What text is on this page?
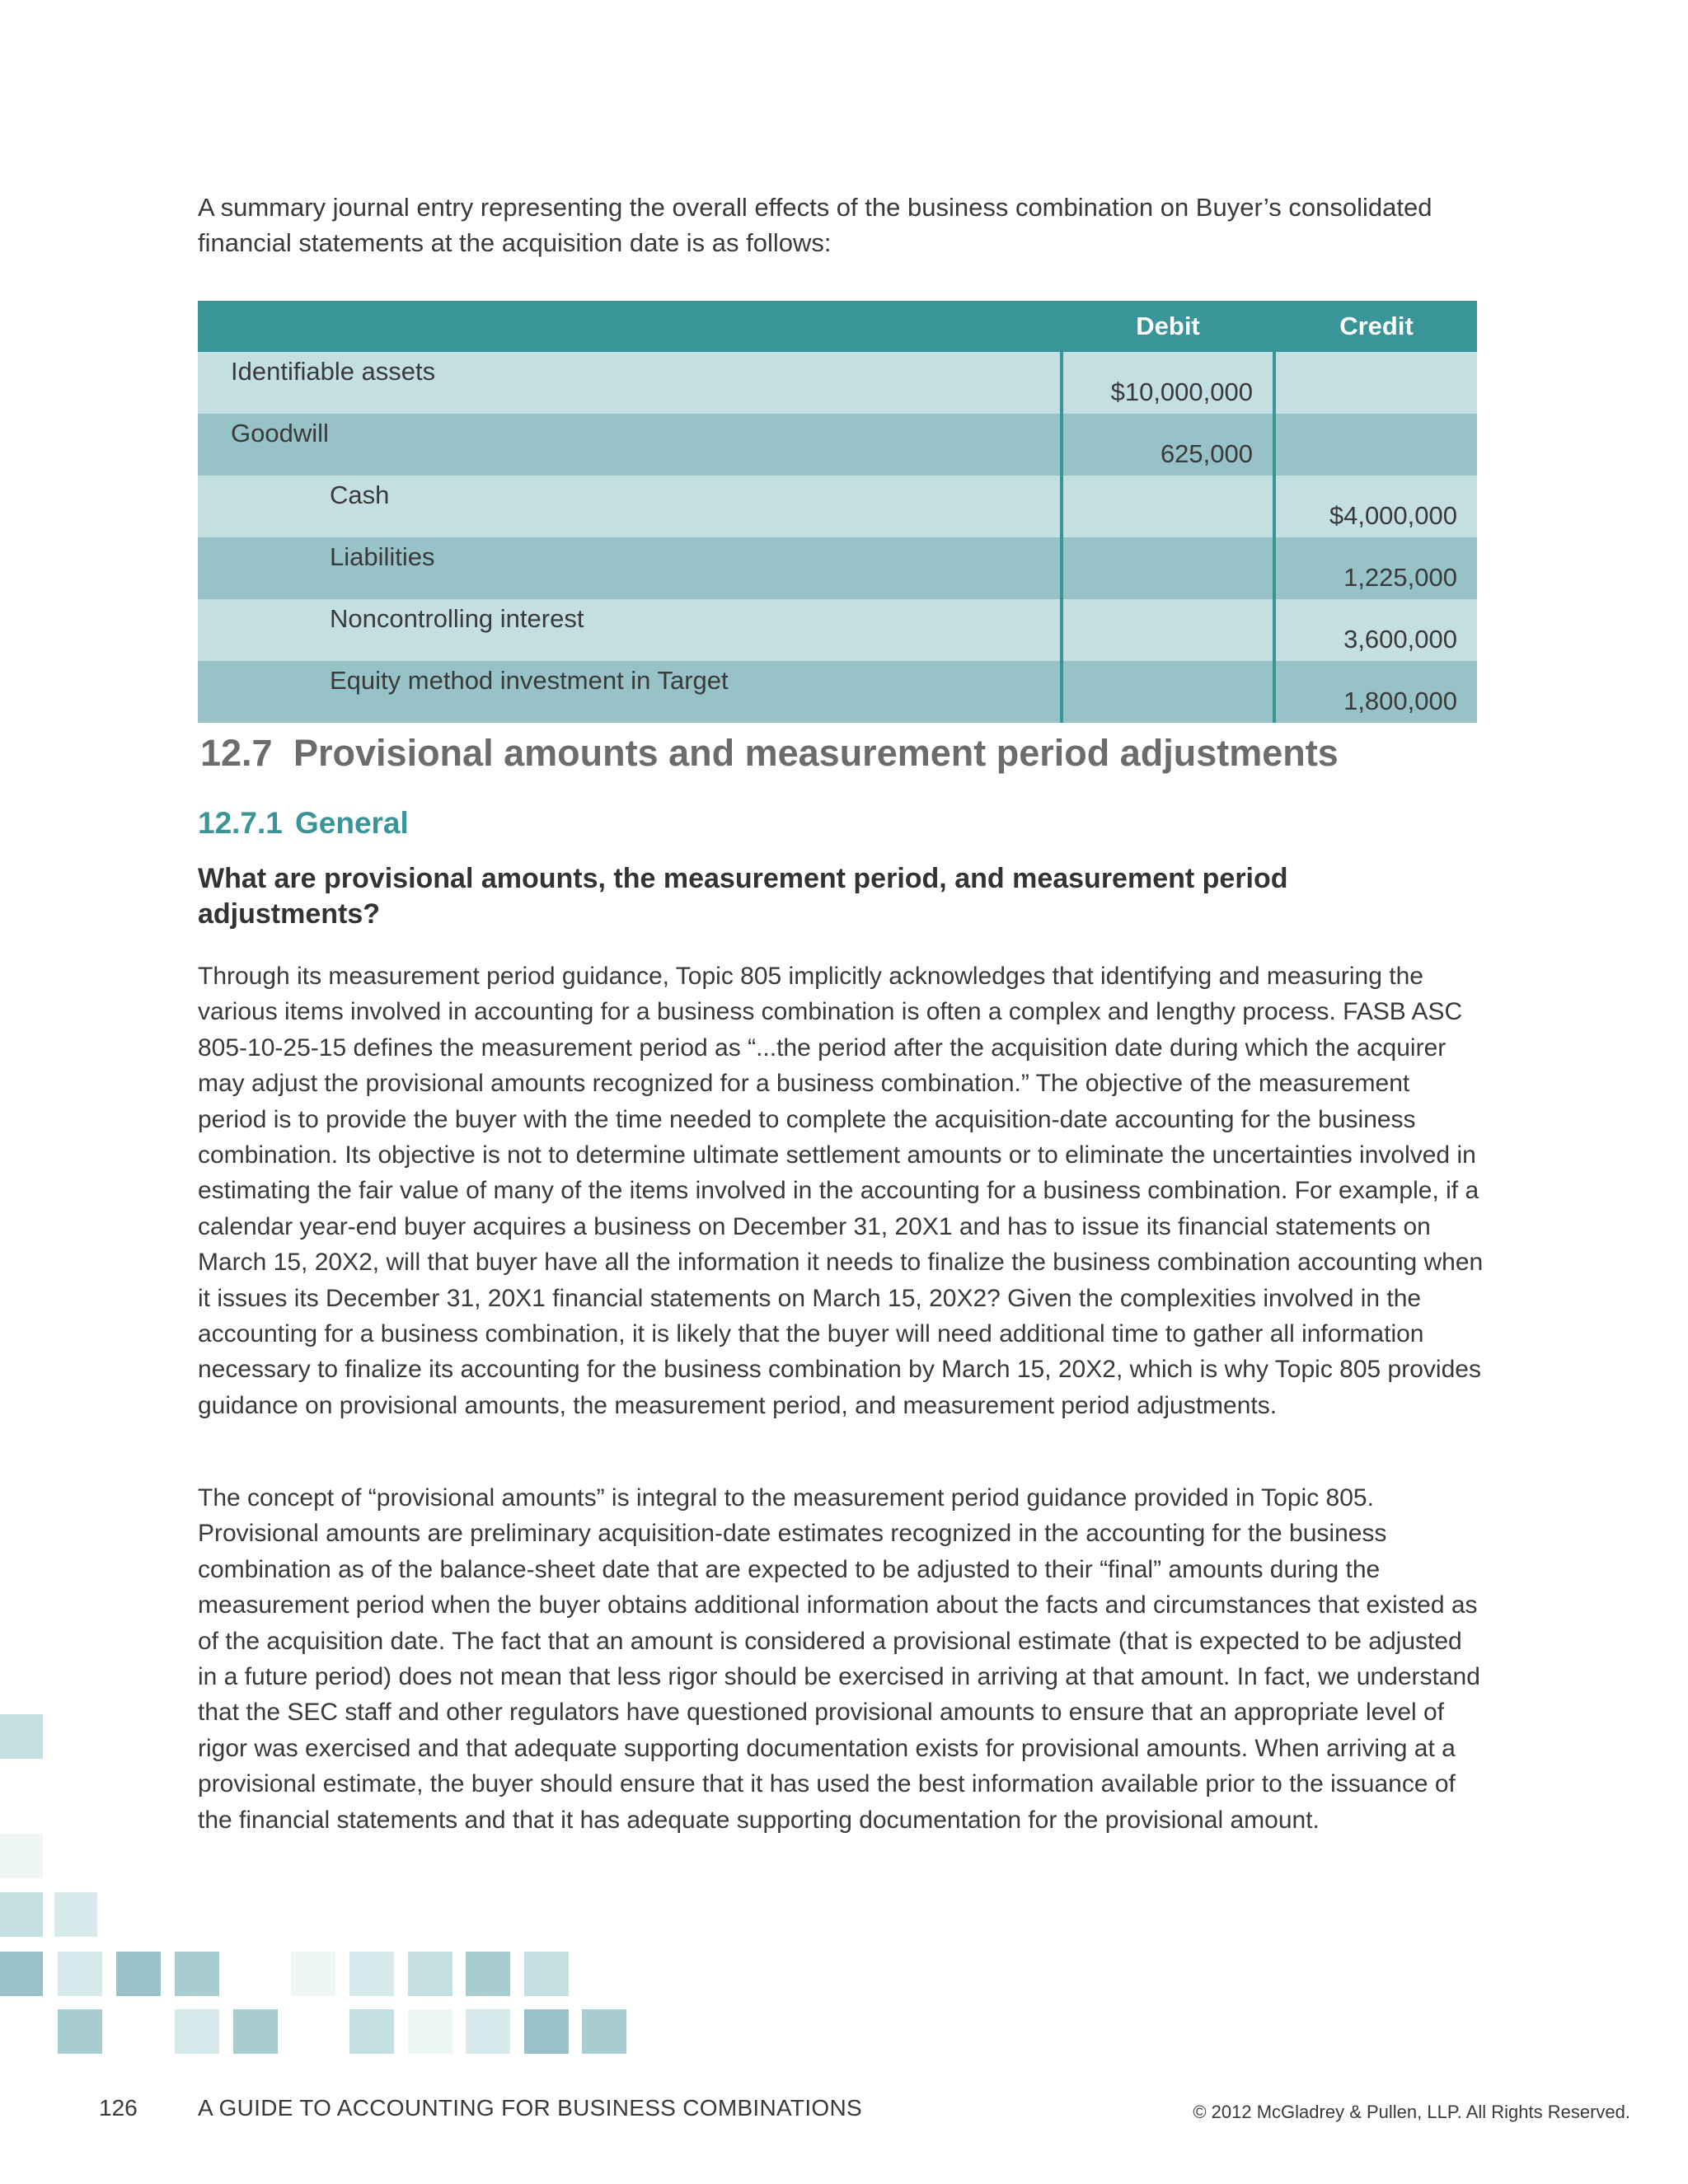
A summary journal entry representing the overall effects of the business combination on Buyer’s consolidated financial statements at the acquisition date is as follows:

	Debit	Credit
Identifiable assets	$10,000,000	
Goodwill	625,000	
Cash		$4,000,000
Liabilities		1,225,000
Noncontrolling interest		3,600,000
Equity method investment in Target		1,800,000
12.7 Provisional amounts and measurement period adjustments
12.7.1 General

What are provisional amounts, the measurement period, and measurement period adjustments?

Through its measurement period guidance, Topic 805 implicitly acknowledges that identifying and measuring the various items involved in accounting for a business combination is often a complex and lengthy process. FASB ASC 805-10-25-15 defines the measurement period as “...the period after the acquisition date during which the acquirer may adjust the provisional amounts recognized for a business combination.” The objective of the measurement period is to provide the buyer with the time needed to complete the acquisition-date accounting for the business combination. Its objective is not to determine ultimate settlement amounts or to eliminate the uncertainties involved in estimating the fair value of many of the items involved in the accounting for a business combination. For example, if a calendar year-end buyer acquires a business on December 31, 20X1 and has to issue its financial statements on March 15, 20X2, will that buyer have all the information it needs to finalize the business combination accounting when it issues its December 31, 20X1 financial statements on March 15, 20X2? Given the complexities involved in the accounting for a business combination, it is likely that the buyer will need additional time to gather all information necessary to finalize its accounting for the business combination by March 15, 20X2, which is why Topic 805 provides guidance on provisional amounts, the measurement period, and measurement period adjustments.

The concept of “provisional amounts” is integral to the measurement period guidance provided in Topic 805. Provisional amounts are preliminary acquisition-date estimates recognized in the accounting for the business combination as of the balance-sheet date that are expected to be adjusted to their “final” amounts during the measurement period when the buyer obtains additional information about the facts and circumstances that existed as of the acquisition date. The fact that an amount is considered a provisional estimate (that is expected to be adjusted in a future period) does not mean that less rigor should be exercised in arriving at that amount. In fact, we understand that the SEC staff and other regulators have questioned provisional amounts to ensure that an appropriate level of rigor was exercised and that adequate supporting documentation exists for provisional amounts. When arriving at a provisional estimate, the buyer should ensure that it has used the best information available prior to the issuance of the financial statements and that it has adequate supporting documentation for the provisional amount.

126	A GUIDE TO ACCOUNTING FOR BUSINESS COMBINATIONS	© 2012 McGladrey & Pullen, LLP. All Rights Reserved.
